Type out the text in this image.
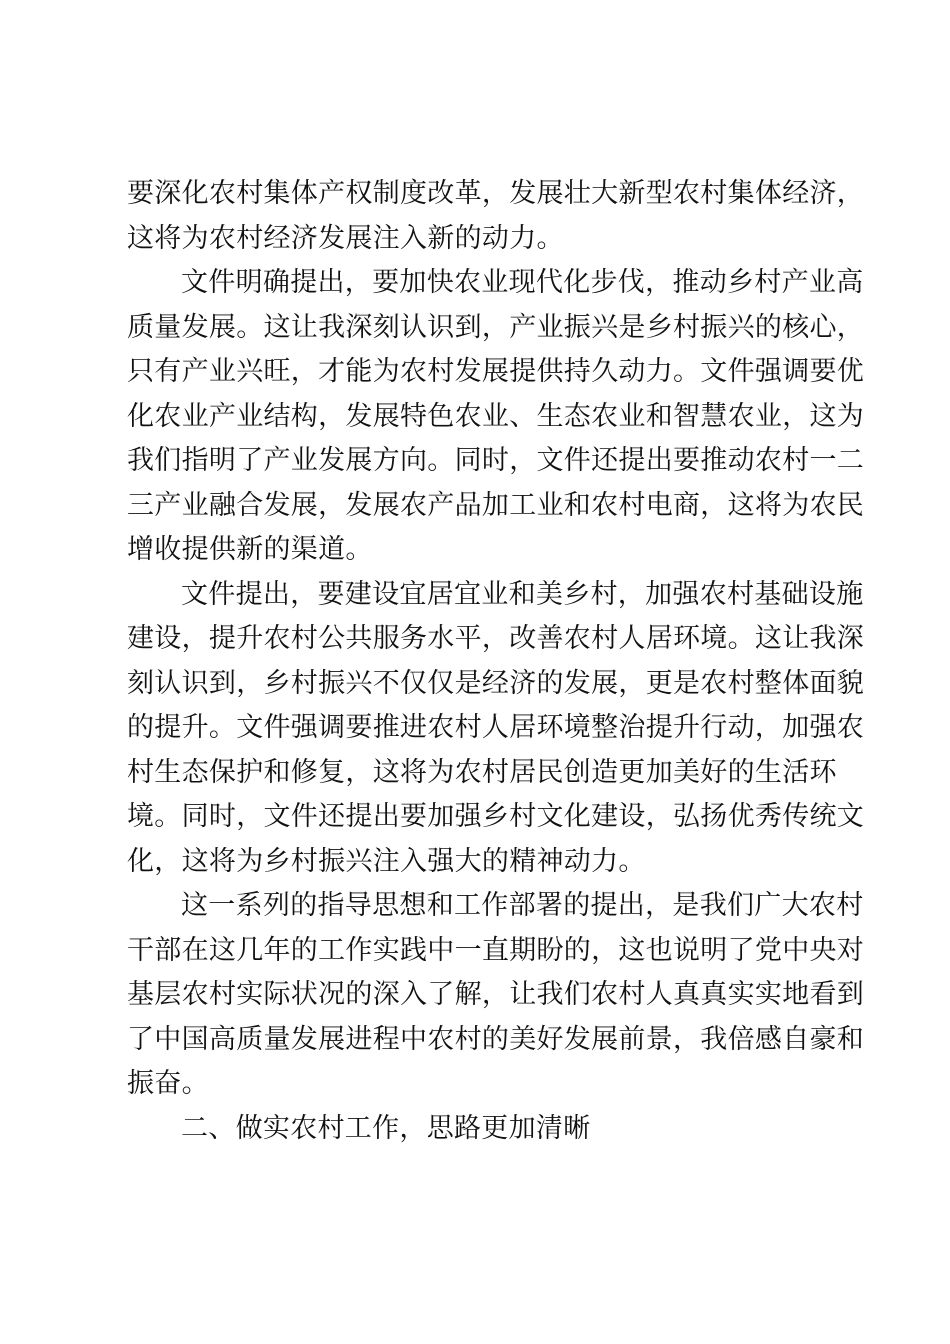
要深化农村集体产权制度改革，发展壮大新型农村集体经济，
这将为农村经济发展注入新的动力。
文件明确提出，要加快农业现代化步伐，推动乡村产业高
质量发展。这让我深刻认识到，产业振兴是乡村振兴的核心，
只有产业兴旺，才能为农村发展提供持久动力。文件强调要优
化农业产业结构，发展特色农业、生态农业和智慧农业，这为
我们指明了产业发展方向。同时，文件还提出要推动农村一二
三产业融合发展，发展农产品加工业和农村电商，这将为农民
增收提供新的渠道。
文件提出，要建设宜居宜业和美乡村，加强农村基础设施
建设，提升农村公共服务水平，改善农村人居环境。这让我深
刻认识到，乡村振兴不仅仅是经济的发展，更是农村整体面貌
的提升。文件强调要推进农村人居环境整治提升行动，加强农
村生态保护和修复，这将为农村居民创造更加美好的生活环
境。同时，文件还提出要加强乡村文化建设，弘扬优秀传统文
化，这将为乡村振兴注入强大的精神动力。
这一系列的指导思想和工作部署的提出，是我们广大农村
干部在这几年的工作实践中一直期盼的，这也说明了党中央对
基层农村实际状况的深入了解，让我们农村人真真实实地看到
了中国高质量发展进程中农村的美好发展前景，我倍感自豪和
振奋。
二、做实农村工作，思路更加清晰
